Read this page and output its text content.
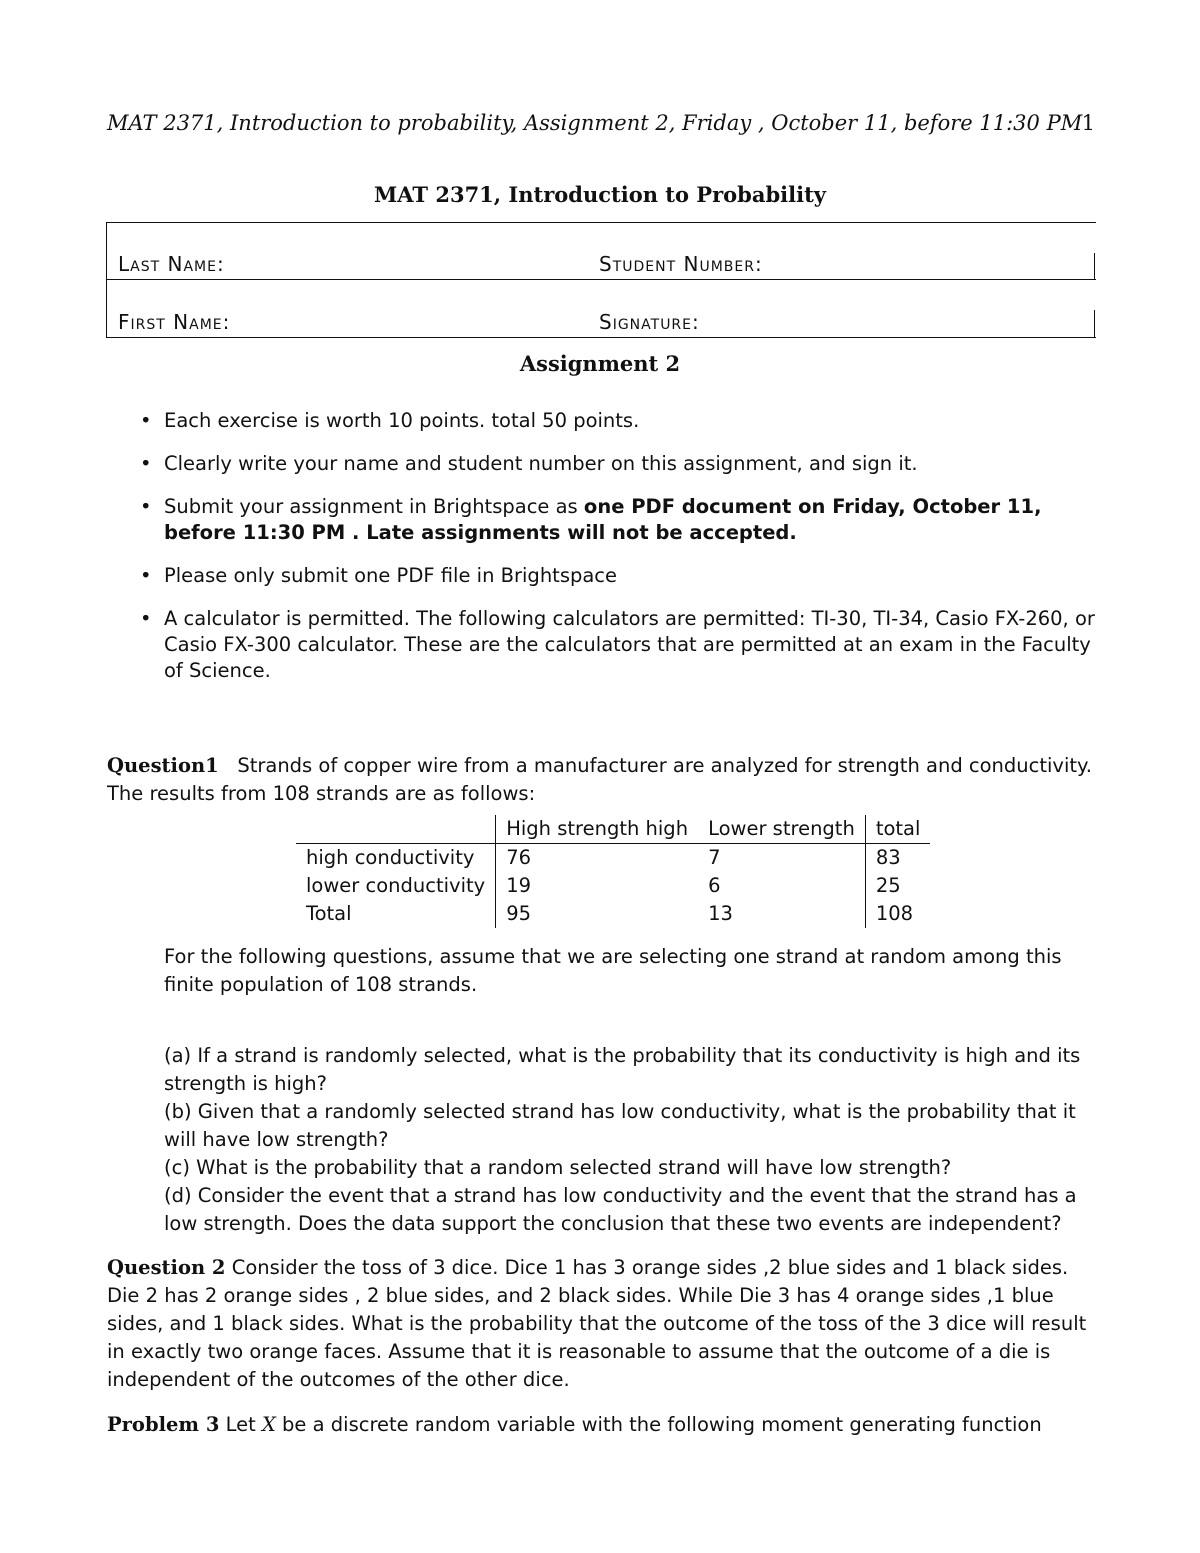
MAT 2371, Introduction to probability, Assignment 2, Friday , October 11, before 11:30 PM 1
MAT 2371, Introduction to Probability
Last Name:	Student Number:
First Name:	Signature:
Assignment 2
• Each exercise is worth 10 points. total 50 points.
• Clearly write your name and student number on this assignment, and sign it.
• Submit your assignment in Brightspace as one PDF document on Friday, October 11, before 11:30 PM . Late assignments will not be accepted.
• Please only submit one PDF file in Brightspace
• A calculator is permitted. The following calculators are permitted: TI-30, TI-34, Casio FX-260, or Casio FX-300 calculator. These are the calculators that are permitted at an exam in the Faculty of Science.
Question1 Strands of copper wire from a manufacturer are analyzed for strength and conductivity. The results from 108 strands are as follows:
	High strength high	Lower strength	total
high conductivity	76	7	83
lower conductivity	19	6	25
Total	95	13	108
For the following questions, assume that we are selecting one strand at random among this finite population of 108 strands.
(a) If a strand is randomly selected, what is the probability that its conductivity is high and its strength is high?
(b) Given that a randomly selected strand has low conductivity, what is the probability that it will have low strength?
(c) What is the probability that a random selected strand will have low strength?
(d) Consider the event that a strand has low conductivity and the event that the strand has a low strength. Does the data support the conclusion that these two events are independent?
Question 2 Consider the toss of 3 dice. Dice 1 has 3 orange sides ,2 blue sides and 1 black sides. Die 2 has 2 orange sides , 2 blue sides, and 2 black sides. While Die 3 has 4 orange sides ,1 blue sides, and 1 black sides. What is the probability that the outcome of the toss of the 3 dice will result in exactly two orange faces. Assume that it is reasonable to assume that the outcome of a die is independent of the outcomes of the other dice.
Problem 3 Let X be a discrete random variable with the following moment generating function
